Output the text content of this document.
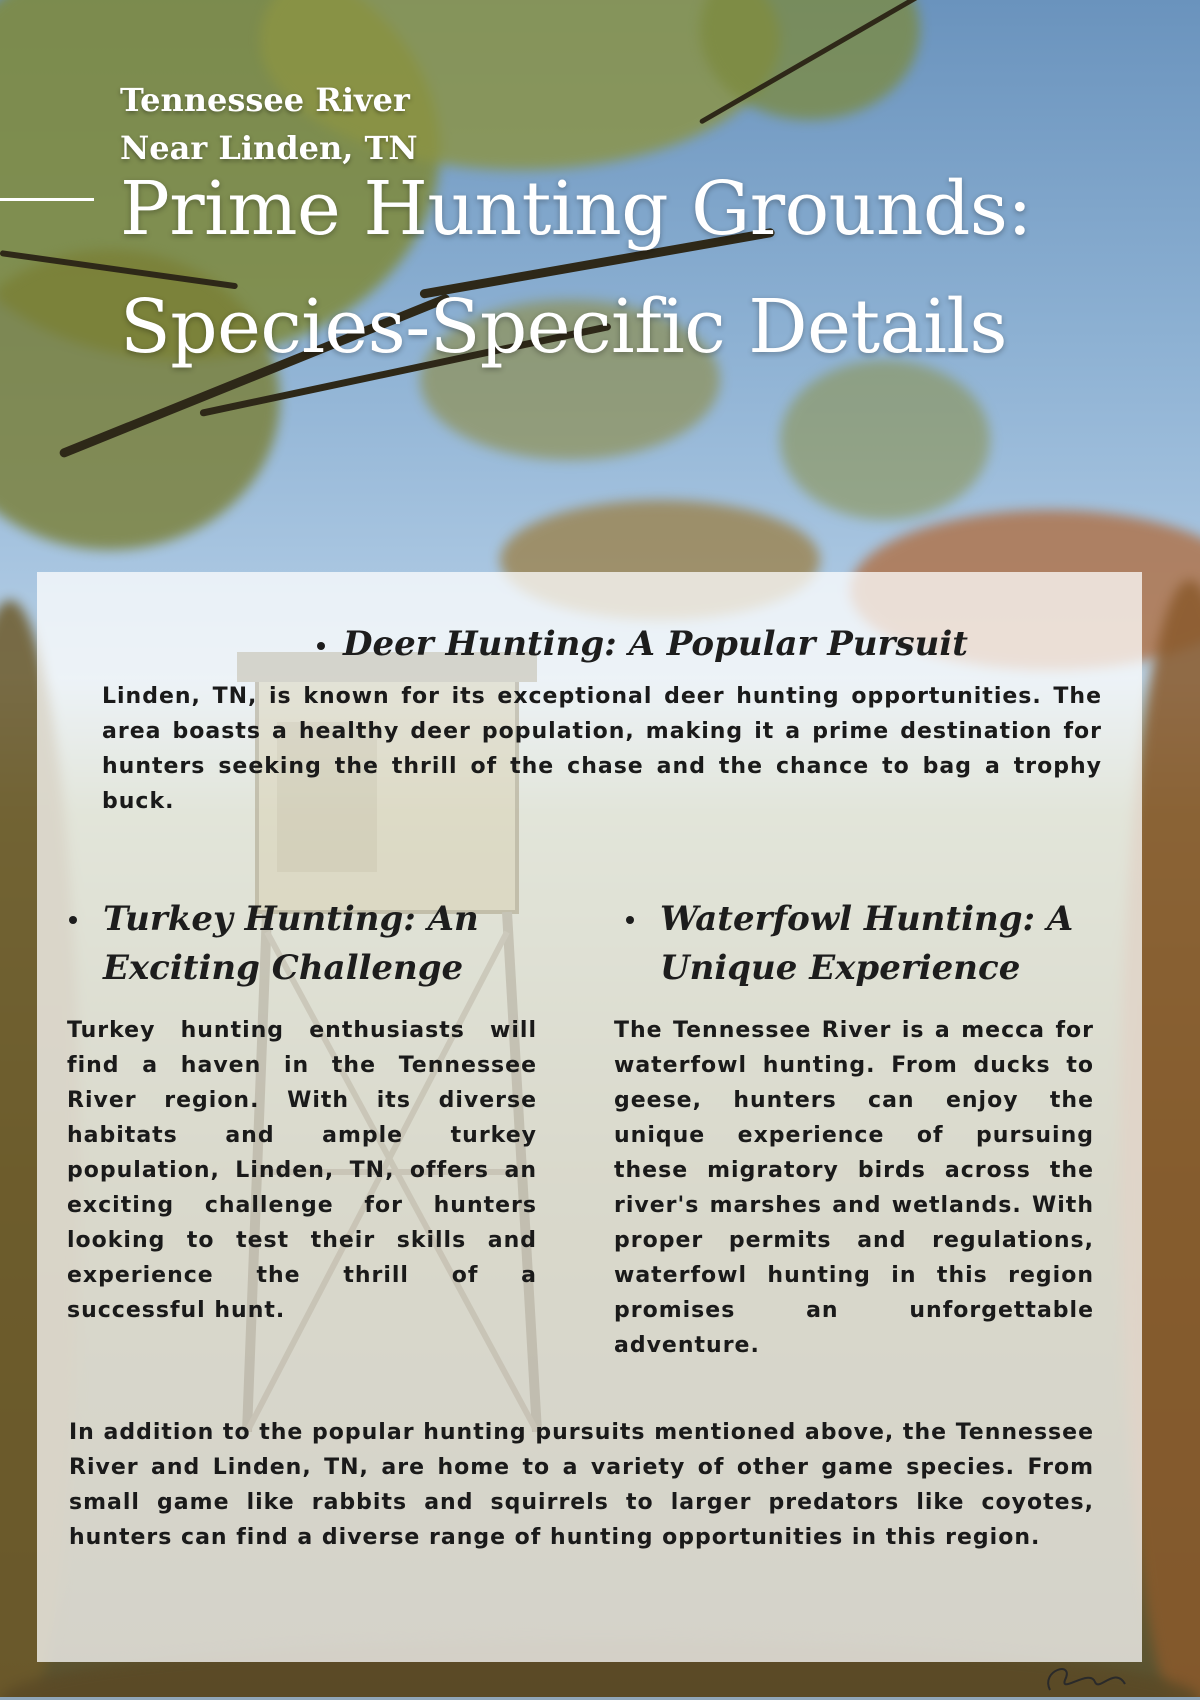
Tennessee River
Near Linden, TN
Prime Hunting Grounds:
Species-Specific Details
Deer Hunting: A Popular Pursuit

Linden, TN, is known for its exceptional deer hunting opportunities. The area boasts a healthy deer population, making it a prime destination for hunters seeking the thrill of the chase and the chance to bag a trophy buck.

Turkey Hunting: An
Exciting Challenge

Turkey hunting enthusiasts will find a haven in the Tennessee River region. With its diverse habitats and ample turkey population, Linden, TN, offers an exciting challenge for hunters looking to test their skills and experience the thrill of a successful hunt.

Waterfowl Hunting: A
Unique Experience

The Tennessee River is a mecca for waterfowl hunting. From ducks to geese, hunters can enjoy the unique experience of pursuing these migratory birds across the river's marshes and wetlands. With proper permits and regulations, waterfowl hunting in this region promises an unforgettable adventure.

In addition to the popular hunting pursuits mentioned above, the Tennessee River and Linden, TN, are home to a variety of other game species. From small game like rabbits and squirrels to larger predators like coyotes, hunters can find a diverse range of hunting opportunities in this region.
